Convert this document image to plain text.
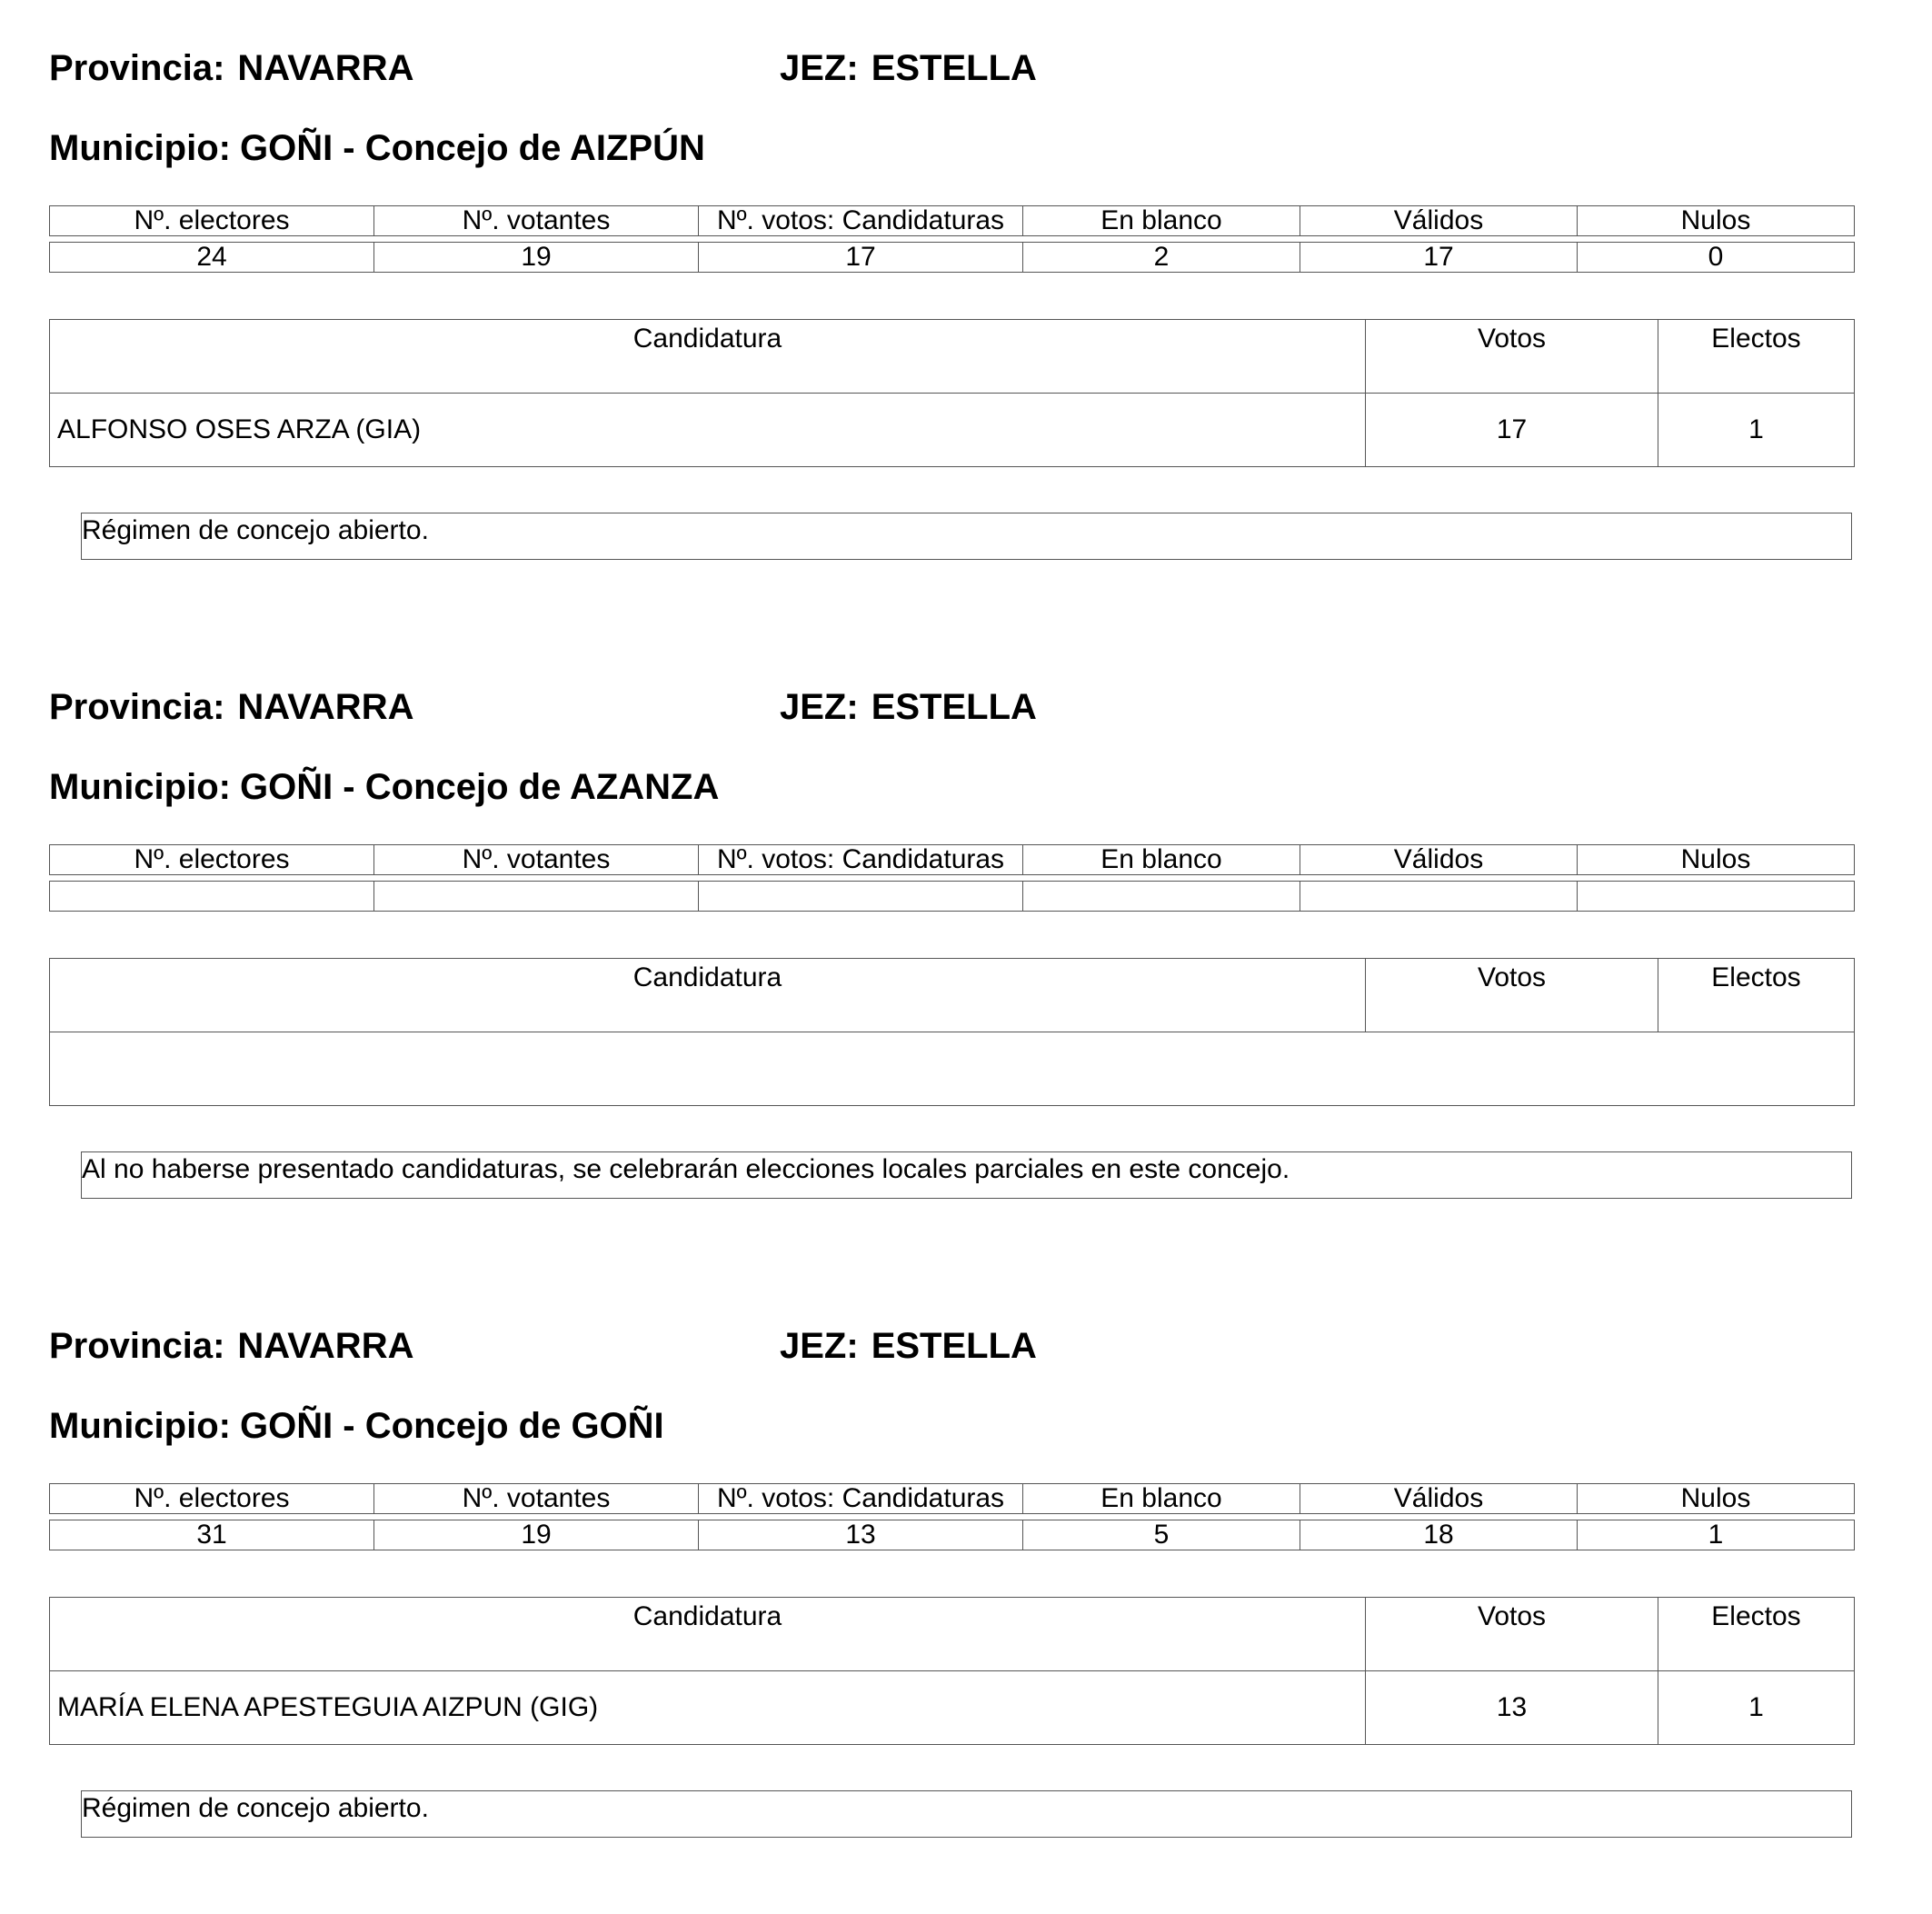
Provincia: NAVARRA	JEZ: ESTELLA
Municipio: GOÑI - Concejo de AIZPÚN
Nº. electores	Nº. votantes	Nº. votos: Candidaturas	En blanco	Válidos	Nulos

24	19	17	2	17	0
Candidatura	Votos	Electos
ALFONSO OSES ARZA (GIA)	17	1
Régimen de concejo abierto.
Provincia: NAVARRA	JEZ: ESTELLA
Municipio: GOÑI - Concejo de AZANZA
Nº. electores	Nº. votantes	Nº. votos: Candidaturas	En blanco	Válidos	Nulos

Candidatura	Votos	Electos

Al no haberse presentado candidaturas, se celebrarán elecciones locales parciales en este concejo.
Provincia: NAVARRA	JEZ: ESTELLA
Municipio: GOÑI - Concejo de GOÑI
Nº. electores	Nº. votantes	Nº. votos: Candidaturas	En blanco	Válidos	Nulos

31	19	13	5	18	1
Candidatura	Votos	Electos
MARÍA ELENA APESTEGUIA AIZPUN (GIG)	13	1
Régimen de concejo abierto.
